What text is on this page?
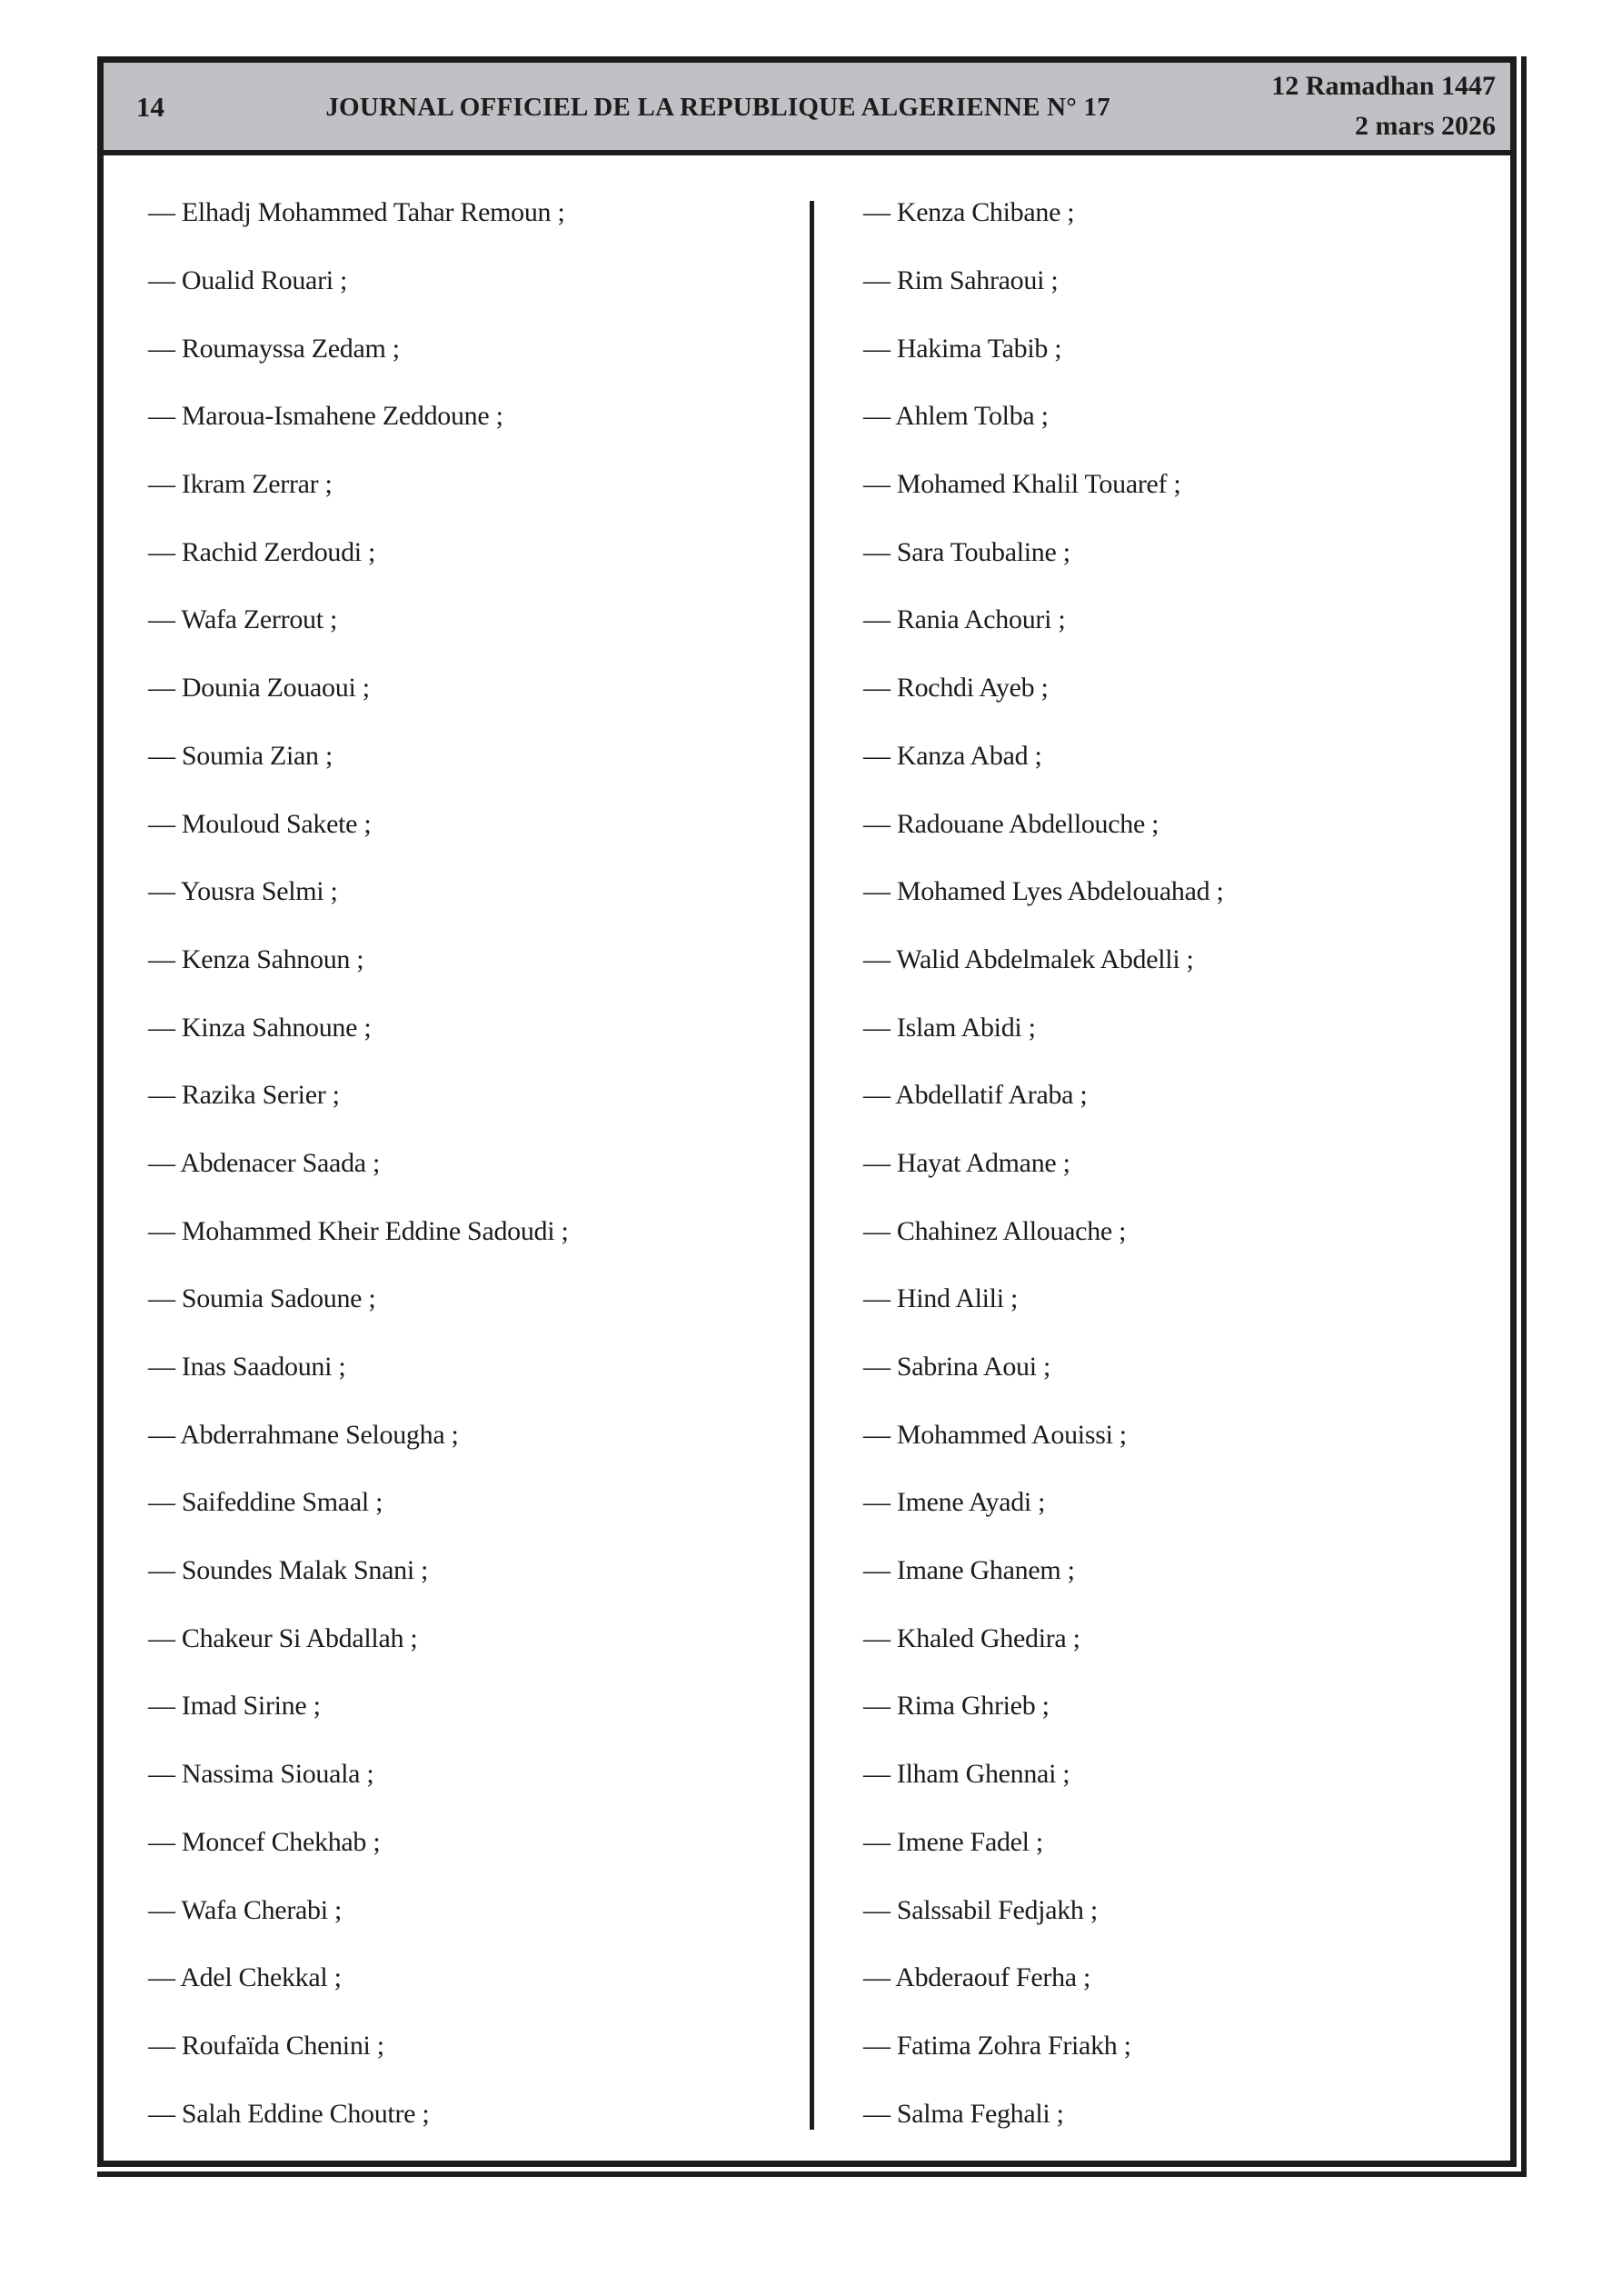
14	JOURNAL OFFICIEL DE LA REPUBLIQUE ALGERIENNE N° 17
12 Ramadhan 1447
2 mars 2026

— Elhadj Mohammed Tahar Remoun ;

— Oualid Rouari ;

— Roumayssa Zedam ;

— Maroua-Ismahene Zeddoune ;

— Ikram Zerrar ;

— Rachid Zerdoudi ;

— Wafa Zerrout ;

— Dounia Zouaoui ;

— Soumia Zian ;

— Mouloud Sakete ;

— Yousra Selmi ;

— Kenza Sahnoun ;

— Kinza Sahnoune ;

— Razika Serier ;

— Abdenacer Saada ;

— Mohammed Kheir Eddine Sadoudi ;

— Soumia Sadoune ;

— Inas Saadouni ;

— Abderrahmane Selougha ;

— Saifeddine Smaal ;

— Soundes Malak Snani ;

— Chakeur Si Abdallah ;

— Imad Sirine ;

— Nassima Siouala ;

— Moncef Chekhab ;

— Wafa Cherabi ;

— Adel Chekkal ;

— Roufaïda Chenini ;

— Salah Eddine Choutre ;

— Kenza Chibane ;

— Rim Sahraoui ;

— Hakima Tabib ;

— Ahlem Tolba ;

— Mohamed Khalil Touaref ;

— Sara Toubaline ;

— Rania Achouri ;

— Rochdi Ayeb ;

— Kanza Abad ;

— Radouane Abdellouche ;

— Mohamed Lyes Abdelouahad ;

— Walid Abdelmalek Abdelli ;

— Islam Abidi ;

— Abdellatif Araba ;

— Hayat Admane ;

— Chahinez Allouache ;

— Hind Alili ;

— Sabrina Aoui ;

— Mohammed Aouissi ;

— Imene Ayadi ;

— Imane Ghanem ;

— Khaled Ghedira ;

— Rima Ghrieb ;

— Ilham Ghennai ;

— Imene Fadel ;

— Salssabil Fedjakh ;

— Abderaouf Ferha ;

— Fatima Zohra Friakh ;

— Salma Feghali ;
